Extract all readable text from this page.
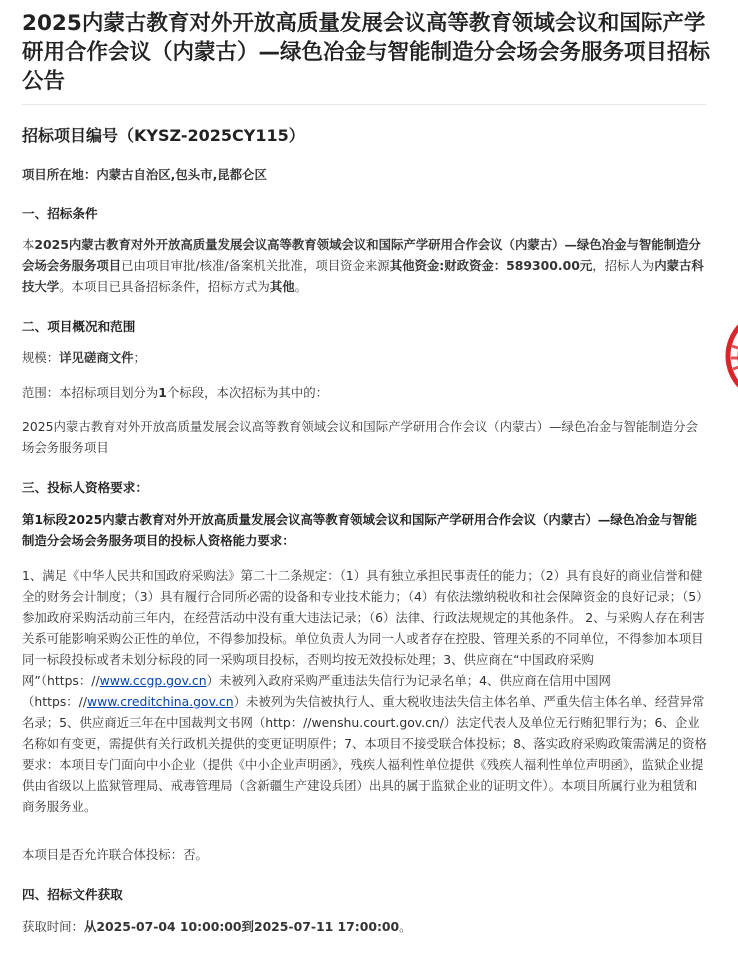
2025内蒙古教育对外开放高质量发展会议高等教育领域会议和国际产学研用合作会议（内蒙古）—绿色冶金与智能制造分会场会务服务项目招标公告
招标项目编号（KYSZ-2025CY115）
项目所在地：内蒙古自治区,包头市,昆都仑区
一、招标条件
本2025内蒙古教育对外开放高质量发展会议高等教育领域会议和国际产学研用合作会议（内蒙古）—绿色冶金与智能制造分会场会务服务项目已由项目审批/核准/备案机关批准，项目资金来源其他资金:财政资金：589300.00元，招标人为内蒙古科技大学。本项目已具备招标条件，招标方式为其他。
二、项目概况和范围
规模：详见磋商文件；
范围：本招标项目划分为1个标段，本次招标为其中的：
2025内蒙古教育对外开放高质量发展会议高等教育领域会议和国际产学研用合作会议（内蒙古）—绿色冶金与智能制造分会场会务服务项目
三、投标人资格要求：
第1标段2025内蒙古教育对外开放高质量发展会议高等教育领域会议和国际产学研用合作会议（内蒙古）—绿色冶金与智能制造分会场会务服务项目的投标人资格能力要求：
1、满足《中华人民共和国政府采购法》第二十二条规定：（1）具有独立承担民事责任的能力；（2）具有良好的商业信誉和健全的财务会计制度；（3）具有履行合同所必需的设备和专业技术能力；（4）有依法缴纳税收和社会保障资金的良好记录；（5）参加政府采购活动前三年内，在经营活动中没有重大违法记录；（6）法律、行政法规规定的其他条件。 2、与采购人存在利害关系可能影响采购公正性的单位，不得参加投标。单位负责人为同一人或者存在控股、管理关系的不同单位，不得参加本项目同一标段投标或者未划分标段的同一采购项目投标，否则均按无效投标处理；3、供应商在“中国政府采购网”（https：//www.ccgp.gov.cn）未被列入政府采购严重违法失信行为记录名单；4、供应商在信用中国网（https：//www.creditchina.gov.cn）未被列为失信被执行人、重大税收违法失信主体名单、严重失信主体名单、经营异常名录；5、供应商近三年在中国裁判文书网（http：//wenshu.court.gov.cn/）法定代表人及单位无行贿犯罪行为；6、企业名称如有变更，需提供有关行政机关提供的变更证明原件；7、本项目不接受联合体投标；8、落实政府采购政策需满足的资格要求：本项目专门面向中小企业（提供《中小企业声明函》，残疾人福利性单位提供《残疾人福利性单位声明函》，监狱企业提供由省级以上监狱管理局、戒毒管理局（含新疆生产建设兵团）出具的属于监狱企业的证明文件）。本项目所属行业为租赁和商务服务业。
本项目是否允许联合体投标：否。
四、招标文件获取
获取时间：从2025-07-04 10:00:00到2025-07-11 17:00:00。
